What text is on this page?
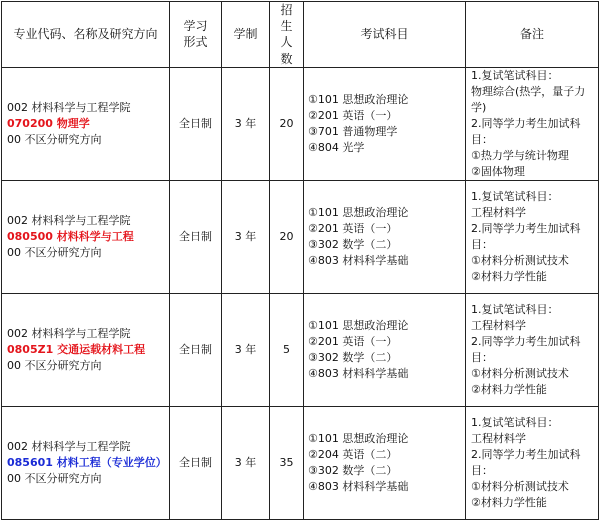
专业代码、名称及研究方向	学习形式	学制	招生人数	考试科目	备注

002 材料科学与工程学院
070200 物理学
00 不区分研究方向	全日制	3 年	20	①101 思想政治理论
②201 英语（一）
③701 普通物理学
④804 光学	1.复试笔试科目：
物理综合(热学，量子力学)
2.同等学力考生加试科目：
①热力学与统计物理
②固体物理

002 材料科学与工程学院
080500 材料科学与工程
00 不区分研究方向	全日制	3 年	20	①101 思想政治理论
②201 英语（一）
③302 数学（二）
④803 材料科学基础	1.复试笔试科目：
工程材料学
2.同等学力考生加试科目：
①材料分析测试技术
②材料力学性能

002 材料科学与工程学院
0805Z1 交通运载材料工程
00 不区分研究方向	全日制	3 年	5	①101 思想政治理论
②201 英语（一）
③302 数学（二）
④803 材料科学基础	1.复试笔试科目：
工程材料学
2.同等学力考生加试科目：
①材料分析测试技术
②材料力学性能

002 材料科学与工程学院
085601 材料工程（专业学位）
00 不区分研究方向	全日制	3 年	35	①101 思想政治理论
②204 英语（二）
③302 数学（二）
④803 材料科学基础	1.复试笔试科目：
工程材料学
2.同等学力考生加试科目：
①材料分析测试技术
②材料力学性能
